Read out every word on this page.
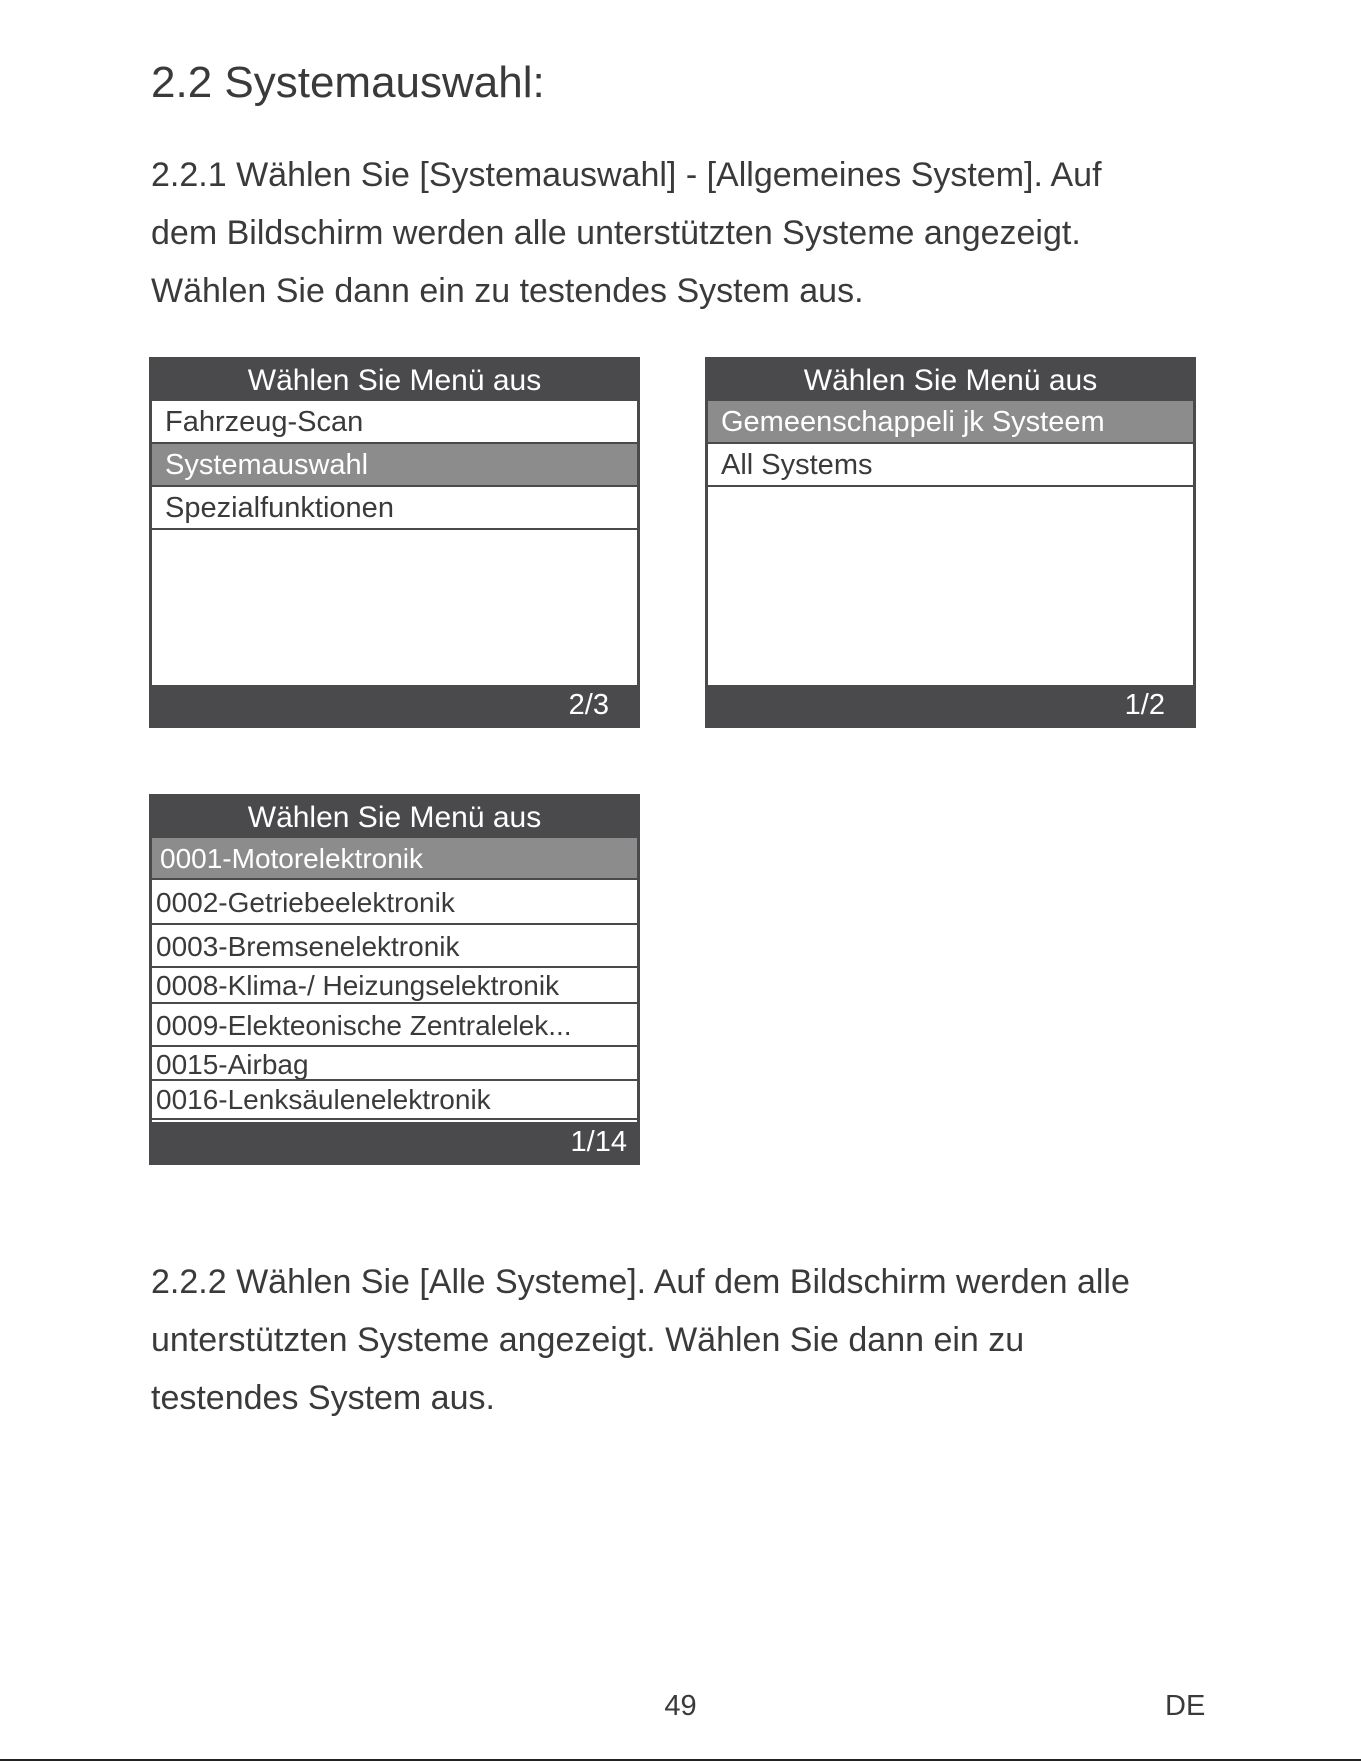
2.2 Systemauswahl:

2.2.1 Wählen Sie [Systemauswahl] - [Allgemeines System]. Auf
dem Bildschirm werden alle unterstützten Systeme angezeigt.
Wählen Sie dann ein zu testendes System aus.

Wählen Sie Menü aus
Fahrzeug-Scan
Systemauswahl
Spezialfunktionen
2/3
Wählen Sie Menü aus
Gemeenschappeli jk Systeem
All Systems
1/2
Wählen Sie Menü aus
0001-Motorelektronik
0002-Getriebeelektronik
0003-Bremsenelektronik
0008-Klima-/ Heizungselektronik
0009-Elekteonische Zentralelek...
0015-Airbag
0016-Lenksäulenelektronik
1/14

2.2.2 Wählen Sie [Alle Systeme]. Auf dem Bildschirm werden alle
unterstützten Systeme angezeigt. Wählen Sie dann ein zu
testendes System aus.

49	DE
